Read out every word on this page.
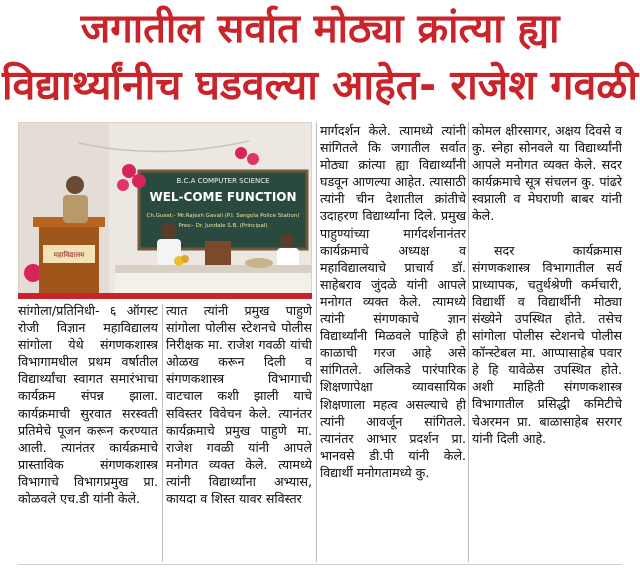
जगातील सर्वात मोठ्या क्रांत्या ह्या
विद्यार्थ्यांनीच घडवल्या आहेत- राजेश गवळी
B.C.A COMPUTER SCIENCE
WEL-COME FUNCTION
Ch.Guest:- Mr.Rajesh Gavali (P.I. Sangola Police Station)
Pres:- Dr. Jundale S.B. (Principal)
महाविद्यालय

सांगोला/प्रतिनिधी- ६ ऑगस्ट रोजी विज्ञान महाविद्यालय सांगोला येथे संगणकशास्त्र विभागामधील प्रथम वर्षातील विद्यार्थ्यांचा स्वागत समारंभाचा कार्यक्रम संपन्न झाला. कार्यक्रमाची सुरवात सरस्वती प्रतिमेचे पूजन करून करण्यात आली. त्यानंतर कार्यक्रमाचे प्रास्ताविक संगणकशास्त्र विभागाचे विभागप्रमुख प्रा. कोळवले एच.डी यांनी केले.

त्यात त्यांनी प्रमुख पाहुणे सांगोला पोलीस स्टेशनचे पोलीस निरीक्षक मा. राजेश गवळी यांची ओळख करून दिली व संगणकशास्त्र विभागाची वाटचाल कशी झाली याचे सविस्तर विवेचन केले. त्यानंतर कार्यक्रमाचे प्रमुख पाहुणे मा. राजेश गवळी यांनी आपले मनोगत व्यक्त केले. त्यामध्ये त्यांनी विद्यार्थ्यांना अभ्यास, कायदा व शिस्त यावर सविस्तर

मार्गदर्शन केले. त्यामध्ये त्यांनी सांगितले कि जगातील सर्वात मोठ्या क्रांत्या ह्या विद्यार्थ्यांनी घडवून आणल्या आहेत. त्यासाठी त्यांनी चीन देशातील क्रांतीचे उदाहरण विद्यार्थ्यांना दिले. प्रमुख पाहुण्यांच्या मार्गदर्शनानंतर कार्यक्रमाचे अध्यक्ष व महाविद्यालयाचे प्राचार्य डॉ. साहेबराव जुंदळे यांनी आपले मनोगत व्यक्त केले. त्यामध्ये त्यांनी संगणकाचे ज्ञान विद्यार्थ्यांनी मिळवले पाहिजे ही काळाची गरज आहे असे सांगितले. अलिकडे पारंपारिक शिक्षणापेक्षा व्यावसायिक शिक्षणाला महत्व असल्याचे ही त्यांनी आवर्जून सांगितले. त्यानंतर आभार प्रदर्शन प्रा. भानवसे डी.पी यांनी केले. विद्यार्थी मनोगतामध्ये कु.

कोमल क्षीरसागर, अक्षय दिवसे व कु. स्नेहा सोनवले या विद्यार्थ्यांनी आपले मनोगत व्यक्त केले. सदर कार्यक्रमाचे सूत्र संचलन कु. पांढरे स्वप्नाली व मेघराणी बाबर यांनी केले.

सदर कार्यक्रमास संगणकशास्त्र विभागातील सर्व प्राध्यापक, चतुर्थश्रेणी कर्मचारी, विद्यार्थी व विद्यार्थीनी मोठ्या संख्येने उपस्थित होते. तसेच सांगोला पोलीस स्टेशनचे पोलीस कॉन्स्टेबल मा. आप्पासाहेब पवार हे हि यावेळेस उपस्थित होते. अशी माहिती संगणकशास्त्र विभागातील प्रसिद्धी कमिटीचे चेअरमन प्रा. बाळासाहेब सरगर यांनी दिली आहे.
